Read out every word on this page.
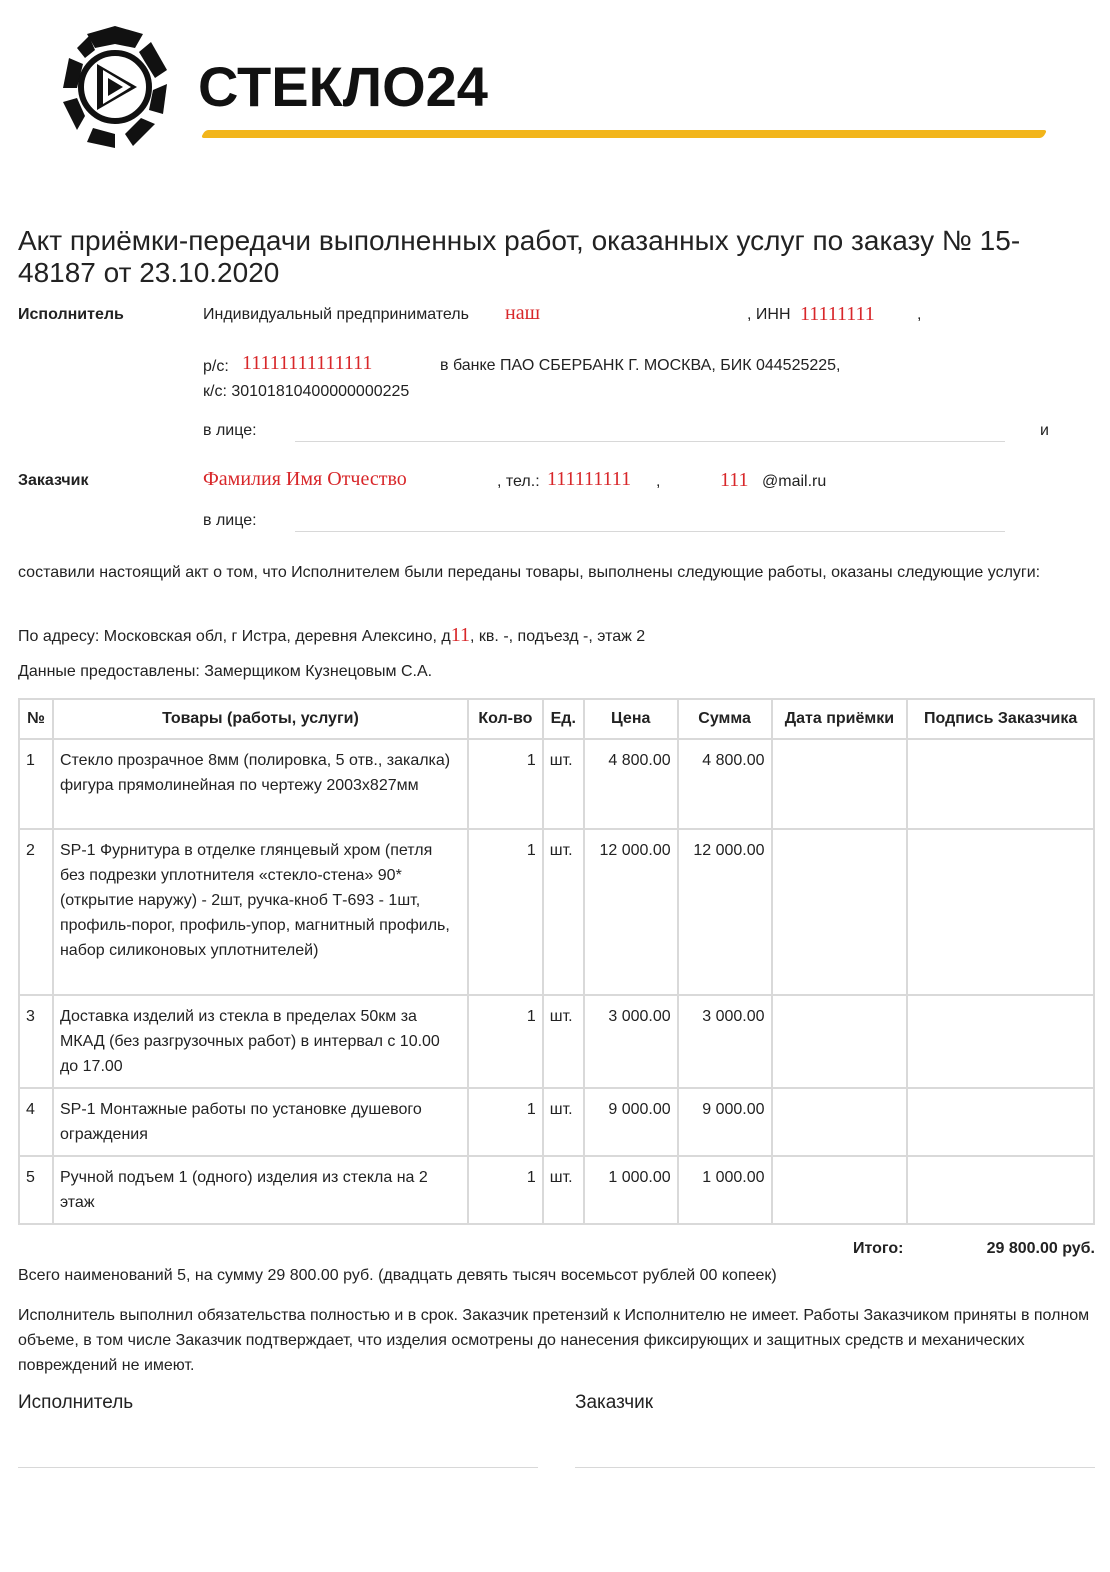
СТЕКЛО24
Акт приёмки-передачи выполненных работ, оказанных услуг по заказу № 15-48187 от 23.10.2020
Исполнитель	Индивидуальный предприниматель наш	, ИНН 11111111	,
р/с: 11111111111111	в банке ПАО СБЕРБАНК Г. МОСКВА, БИК 044525225,
к/с: 30101810400000000225
в лице:	и
Заказчик	Фамилия Имя Отчество	, тел.: 111111111 ,	111 @mail.ru
в лице:
составили настоящий акт о том, что Исполнителем были переданы товары, выполнены следующие работы, оказаны следующие услуги:
По адресу: Московская обл, г Истра, деревня Алексино, д11, кв. -, подъезд -, этаж 2
Данные предоставлены: Замерщиком Кузнецовым С.А.
№	Товары (работы, услуги)	Кол-во	Ед.	Цена	Сумма	Дата приёмки	Подпись Заказчика
1	Стекло прозрачное 8мм (полировка, 5 отв., закалка) фигура прямолинейная по чертежу 2003х827мм	1	шт.	4 800.00	4 800.00		
2	SP-1 Фурнитура в отделке глянцевый хром (петля без подрезки уплотнителя «стекло-стена» 90* (открытие наружу) - 2шт, ручка-кноб Т-693 - 1шт, профиль-порог, профиль-упор, магнитный профиль, набор силиконовых уплотнителей)	1	шт.	12 000.00	12 000.00		
3	Доставка изделий из стекла в пределах 50км за МКАД (без разгрузочных работ) в интервал с 10.00 до 17.00	1	шт.	3 000.00	3 000.00		
4	SP-1 Монтажные работы по установке душевого ограждения	1	шт.	9 000.00	9 000.00		
5	Ручной подъем 1 (одного) изделия из стекла на 2 этаж	1	шт.	1 000.00	1 000.00		
Итого:	29 800.00 руб.
Всего наименований 5, на сумму 29 800.00 руб. (двадцать девять тысяч восемьсот рублей 00 копеек)
Исполнитель выполнил обязательства полностью и в срок. Заказчик претензий к Исполнителю не имеет. Работы Заказчиком приняты в полном объеме, в том числе Заказчик подтверждает, что изделия осмотрены до нанесения фиксирующих и защитных средств и механических повреждений не имеют.
Исполнитель	Заказчик
